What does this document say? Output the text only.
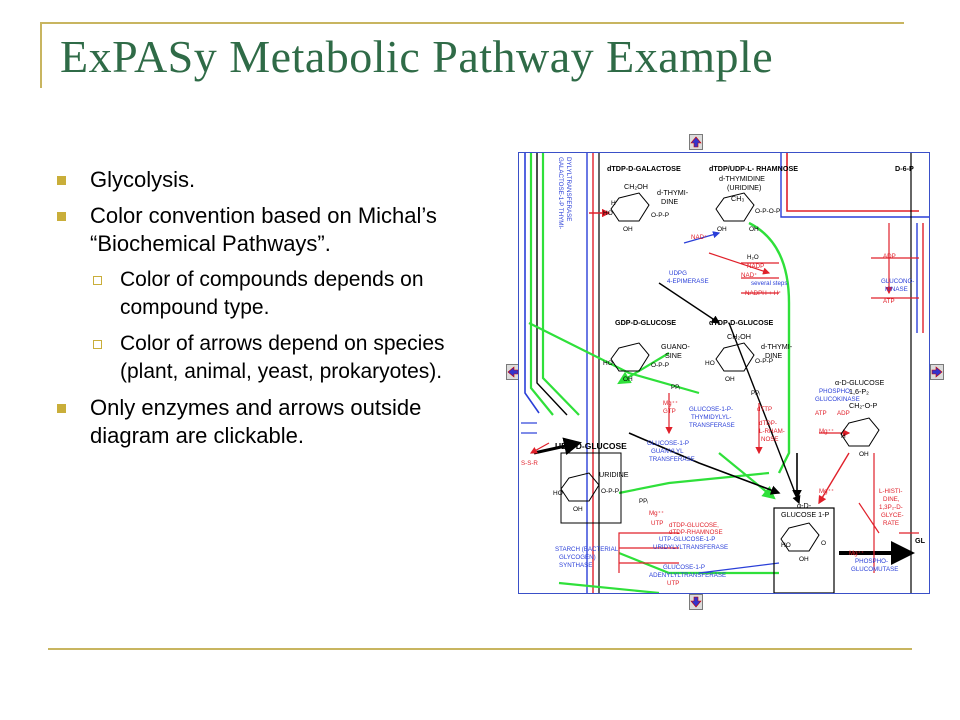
ExPASy Metabolic Pathway Example
Glycolysis.
Color convention based on Michal’s “Biochemical Pathways”.
Color of compounds depends on compound type.
Color of arrows depend on species (plant, animal, yeast, prokaryotes).
Only enzymes and arrows outside diagram are clickable.
dTDP-D-GALACTOSE	dTDP/UDP-L- RHAMNOSE	D-6-P
d-THYMI-
DINE
d-THYMIDINE
(URIDINE)
GDP-D-GLUCOSE	dTDP-D-GLUCOSE
GUANO-
SINE
d-THYMI-
DINE
UDP-D-GLUCOSE
URIDINE
α-D-GLUCOSE
1,6-P₂
α-D-
GLUCOSE 1-P
CH₂OH
CH₂OH
CH₂-O-P
CH₃
GL
H
HO
OH
O-P-P
O-P-O-P
OH	OH
HO
OH
O-P-P
O-P-P
HO
OH
HO
OH
O-P-P
HO
OH
O
H
OH
GALACTOSE-1-P THYMI- DYLYLTRANSFERASE
UDPG
4-EPIMERASE	GLUCONO-
KINASE
GLUCOSE-1-P-
THYMIDYLYL-
TRANSFERASE
GLUCOSE-1-P
GUANYLYL
TRANSFERASE
PHOSPHO-
GLUCOKINASE
UTP-GLUCOSE-1-P
URIDYLYLTRANSFERASE
GLUCOSE-1-P
ADENYLYLTRANSFERASE
STARCH (BACTERIAL
GLYCOGEN)
SYNTHASE
PHOSPHO-
GLUCOMUTASE
NAD⁺
H₂O
NADP
NAD⁺
several steps
NADPH + H⁺
ADP
ATP
PPᵢ
PPᵢ
PPᵢ
GTP	dTTP
dTDP-
L-RHAM-
NOSE
UTP
ATP ADP
Mg⁺⁺
Mg⁺⁺
Mg⁺⁺
Mg⁺⁺
Mg⁺⁺
dTDP-GLUCOSE,
dTDP-RHAMNOSE
L-HISTI-
DINE,
1,3P₂-D-
GLYCE-
RATE
S-S-R
UTP
